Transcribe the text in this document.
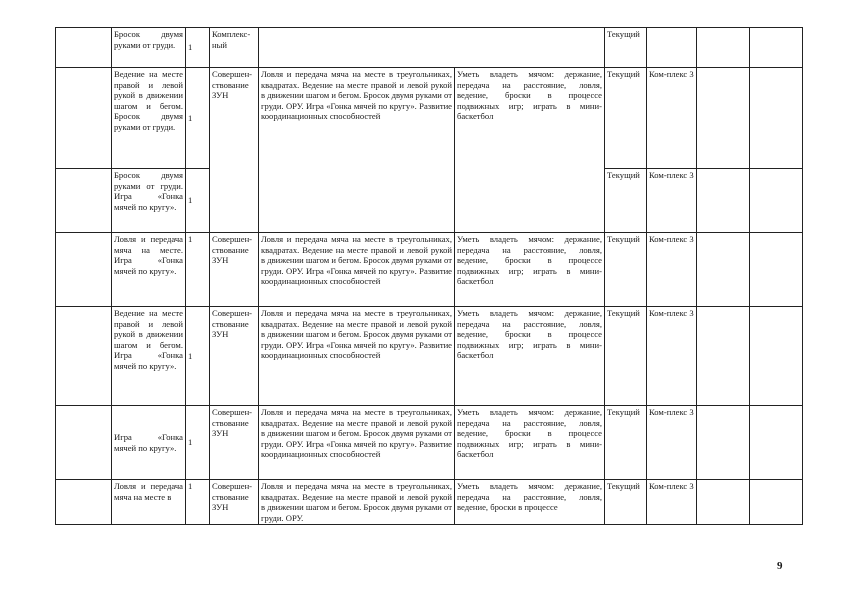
	Бросок двумя руками от груди.	1	Комплекс-ный			Текущий			
	Ведение на месте правой и левой рукой в движении шагом и бегом. Бросок двумя руками от груди.	1	Совершен-ствование ЗУН	Ловля и передача мяча на месте в треугольниках, квадратах. Ведение на месте правой и левой рукой в движении шагом и бегом. Бросок двумя руками от груди. ОРУ. Игра «Гонка мячей по кругу». Развитие координационных способностей	Уметь владеть мячом: держание, передача на расстояние, ловля, ведение, броски в процессе подвижных игр; играть в мини-баскетбол	Текущий	Ком-плекс 3		
	Бросок двумя руками от груди. Игра «Гонка мячей по кругу».	1				Текущий	Ком-плекс 3		
	Ловля и передача мяча на месте. Игра «Гонка мячей по кругу».	1	Совершен-ствование ЗУН	Ловля и передача мяча на месте в треугольниках, квадратах. Ведение на месте правой и левой рукой в движении шагом и бегом. Бросок двумя руками от груди. ОРУ. Игра «Гонка мячей по кругу». Развитие координационных способностей	Уметь владеть мячом: держание, передача на расстояние, ловля, ведение, броски в процессе подвижных игр; играть в мини-баскетбол	Текущий	Ком-плекс 3		
	Ведение на месте правой и левой рукой в движении шагом и бегом. Игра «Гонка мячей по кругу».	1	Совершен-ствование ЗУН	Ловля и передача мяча на месте в треугольниках, квадратах. Ведение на месте правой и левой рукой в движении шагом и бегом. Бросок двумя руками от груди. ОРУ. Игра «Гонка мячей по кругу». Развитие координационных способностей	Уметь владеть мячом: держание, передача на расстояние, ловля, ведение, броски в процессе подвижных игр; играть в мини-баскетбол	Текущий	Ком-плекс 3		
	Игра «Гонка мячей по кругу».	1	Совершен-ствование ЗУН	Ловля и передача мяча на месте в треугольниках, квадратах. Ведение на месте правой и левой рукой в движении шагом и бегом. Бросок двумя руками от груди. ОРУ. Игра «Гонка мячей по кругу». Развитие координационных способностей	Уметь владеть мячом: держание, передача на расстояние, ловля, ведение, броски в процессе подвижных игр; играть в мини-баскетбол	Текущий	Ком-плекс 3		
	Ловля и передача мяча на месте в	1	Совершен-ствование ЗУН	Ловля и передача мяча на месте в треугольниках, квадратах. Ведение на месте правой и левой рукой в движении шагом и бегом. Бросок двумя руками от груди. ОРУ.	Уметь владеть мячом: держание, передача на расстояние, ловля, ведение, броски в процессе	Текущий	Ком-плекс 3		
9
